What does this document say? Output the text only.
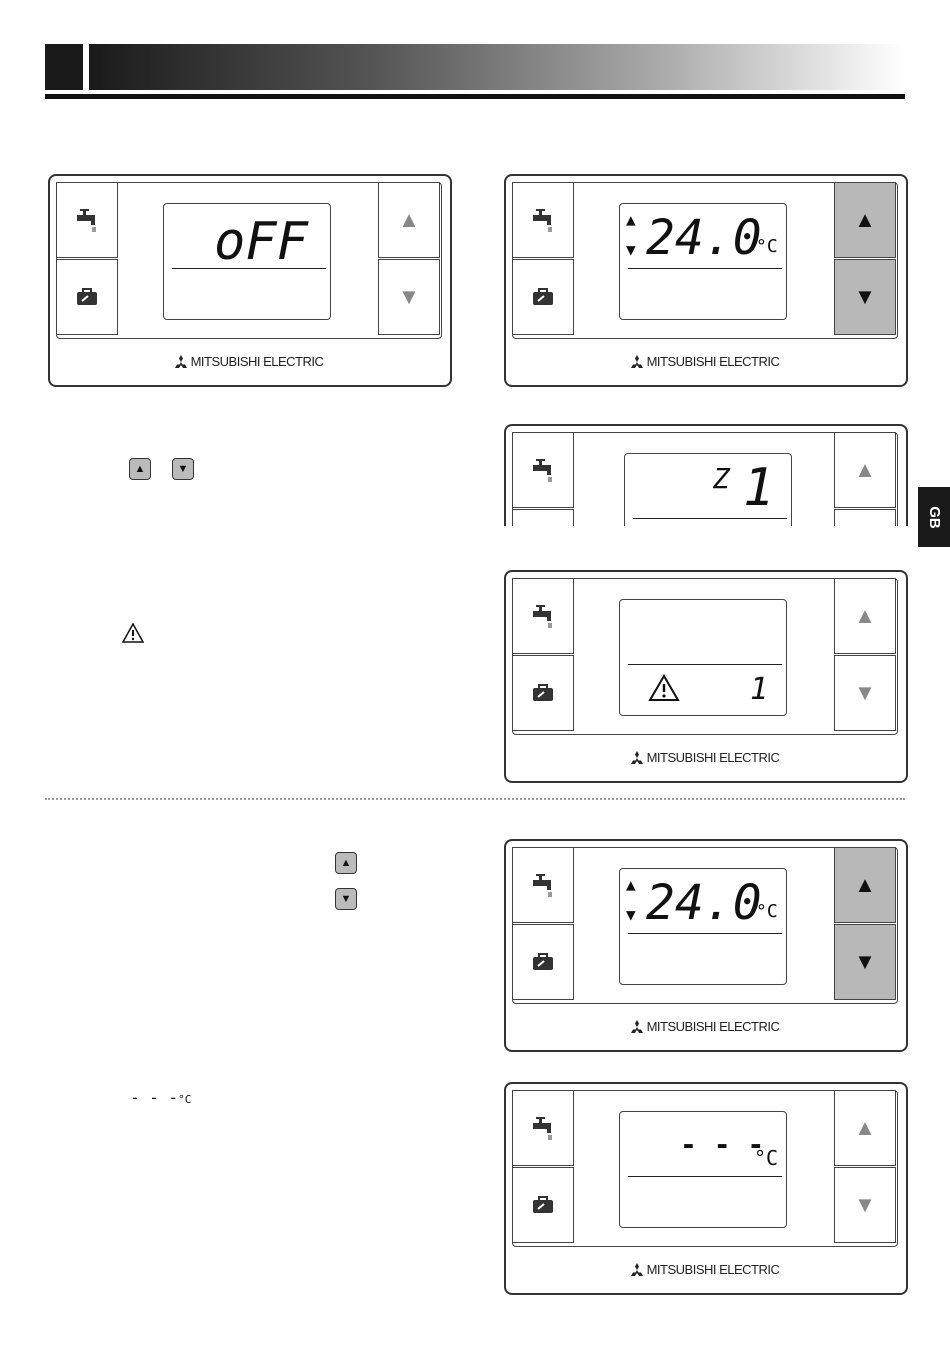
GB
▲
▼
oFF
MITSUBISHI ELECTRIC
▲
▼
▲
▼ 24.0
°C
MITSUBISHI ELECTRIC
▲	▼	▲
Z 1
▲
▼
1
MITSUBISHI ELECTRIC
▲
▼
▲
▼
▲
▼ 24.0
°C
MITSUBISHI ELECTRIC
- - -°C
▲
▼
- - -
°C
MITSUBISHI ELECTRIC
